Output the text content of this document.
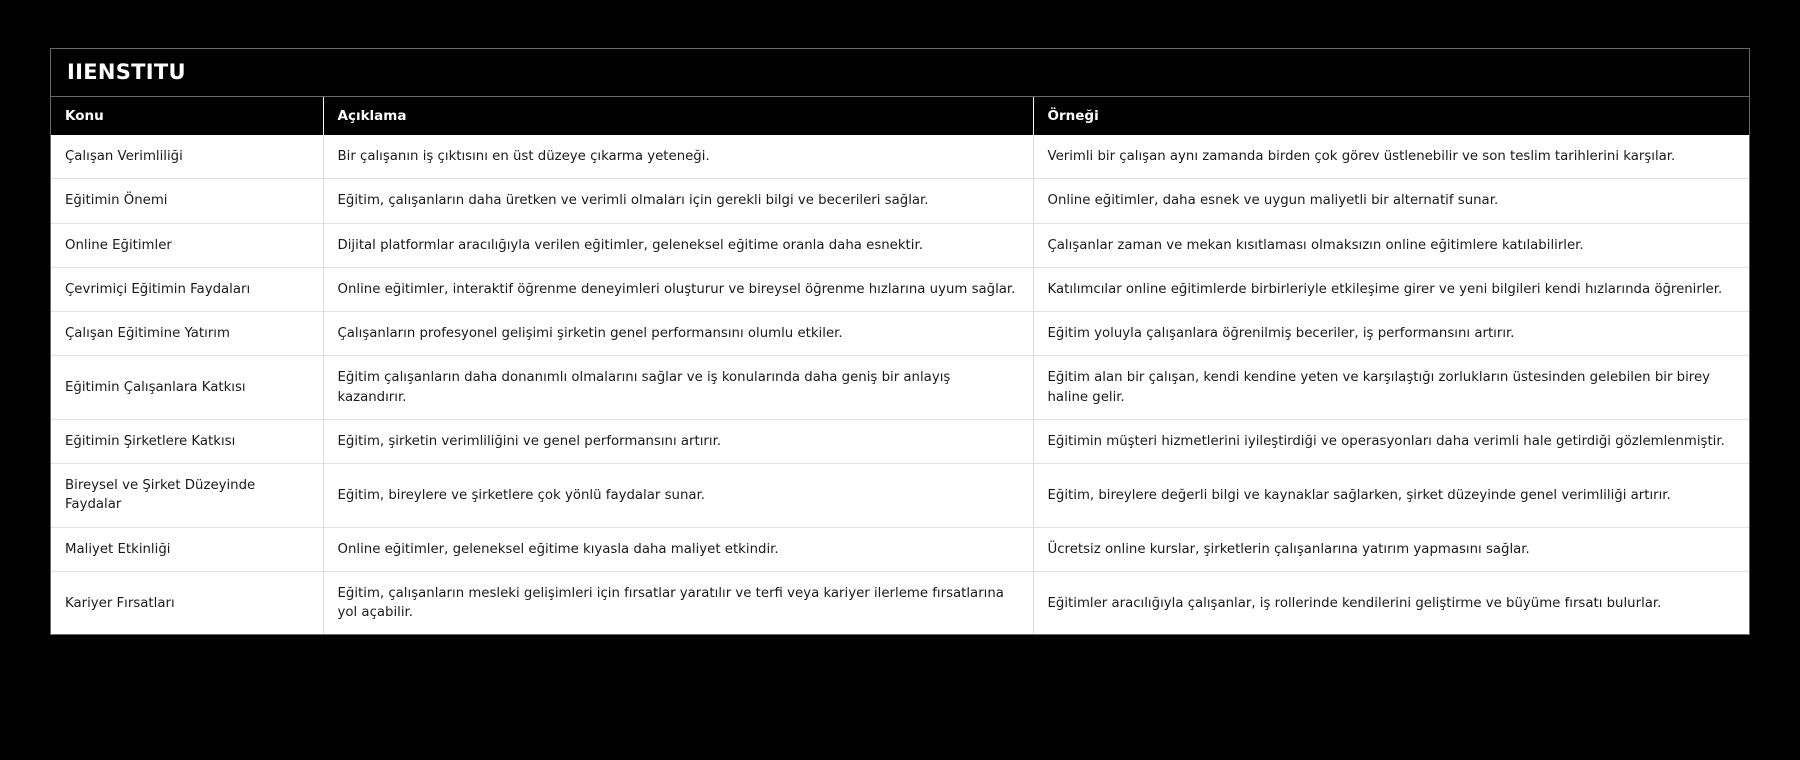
IIENSTITU
Konu	Açıklama	Örneği
Çalışan Verimliliği	Bir çalışanın iş çıktısını en üst düzeye çıkarma yeteneği.	Verimli bir çalışan aynı zamanda birden çok görev üstlenebilir ve son teslim tarihlerini karşılar.
Eğitimin Önemi	Eğitim, çalışanların daha üretken ve verimli olmaları için gerekli bilgi ve becerileri sağlar.	Online eğitimler, daha esnek ve uygun maliyetli bir alternatif sunar.
Online Eğitimler	Dijital platformlar aracılığıyla verilen eğitimler, geleneksel eğitime oranla daha esnektir.	Çalışanlar zaman ve mekan kısıtlaması olmaksızın online eğitimlere katılabilirler.
Çevrimiçi Eğitimin Faydaları	Online eğitimler, interaktif öğrenme deneyimleri oluşturur ve bireysel öğrenme hızlarına uyum sağlar.	Katılımcılar online eğitimlerde birbirleriyle etkileşime girer ve yeni bilgileri kendi hızlarında öğrenirler.
Çalışan Eğitimine Yatırım	Çalışanların profesyonel gelişimi şirketin genel performansını olumlu etkiler.	Eğitim yoluyla çalışanlara öğrenilmiş beceriler, iş performansını artırır.
Eğitimin Çalışanlara Katkısı	Eğitim çalışanların daha donanımlı olmalarını sağlar ve iş konularında daha geniş bir anlayış kazandırır.	Eğitim alan bir çalışan, kendi kendine yeten ve karşılaştığı zorlukların üstesinden gelebilen bir birey haline gelir.
Eğitimin Şirketlere Katkısı	Eğitim, şirketin verimliliğini ve genel performansını artırır.	Eğitimin müşteri hizmetlerini iyileştirdiği ve operasyonları daha verimli hale getirdiği gözlemlenmiştir.
Bireysel ve Şirket Düzeyinde Faydalar	Eğitim, bireylere ve şirketlere çok yönlü faydalar sunar.	Eğitim, bireylere değerli bilgi ve kaynaklar sağlarken, şirket düzeyinde genel verimliliği artırır.
Maliyet Etkinliği	Online eğitimler, geleneksel eğitime kıyasla daha maliyet etkindir.	Ücretsiz online kurslar, şirketlerin çalışanlarına yatırım yapmasını sağlar.
Kariyer Fırsatları	Eğitim, çalışanların mesleki gelişimleri için fırsatlar yaratılır ve terfi veya kariyer ilerleme fırsatlarına yol açabilir.	Eğitimler aracılığıyla çalışanlar, iş rollerinde kendilerini geliştirme ve büyüme fırsatı bulurlar.
